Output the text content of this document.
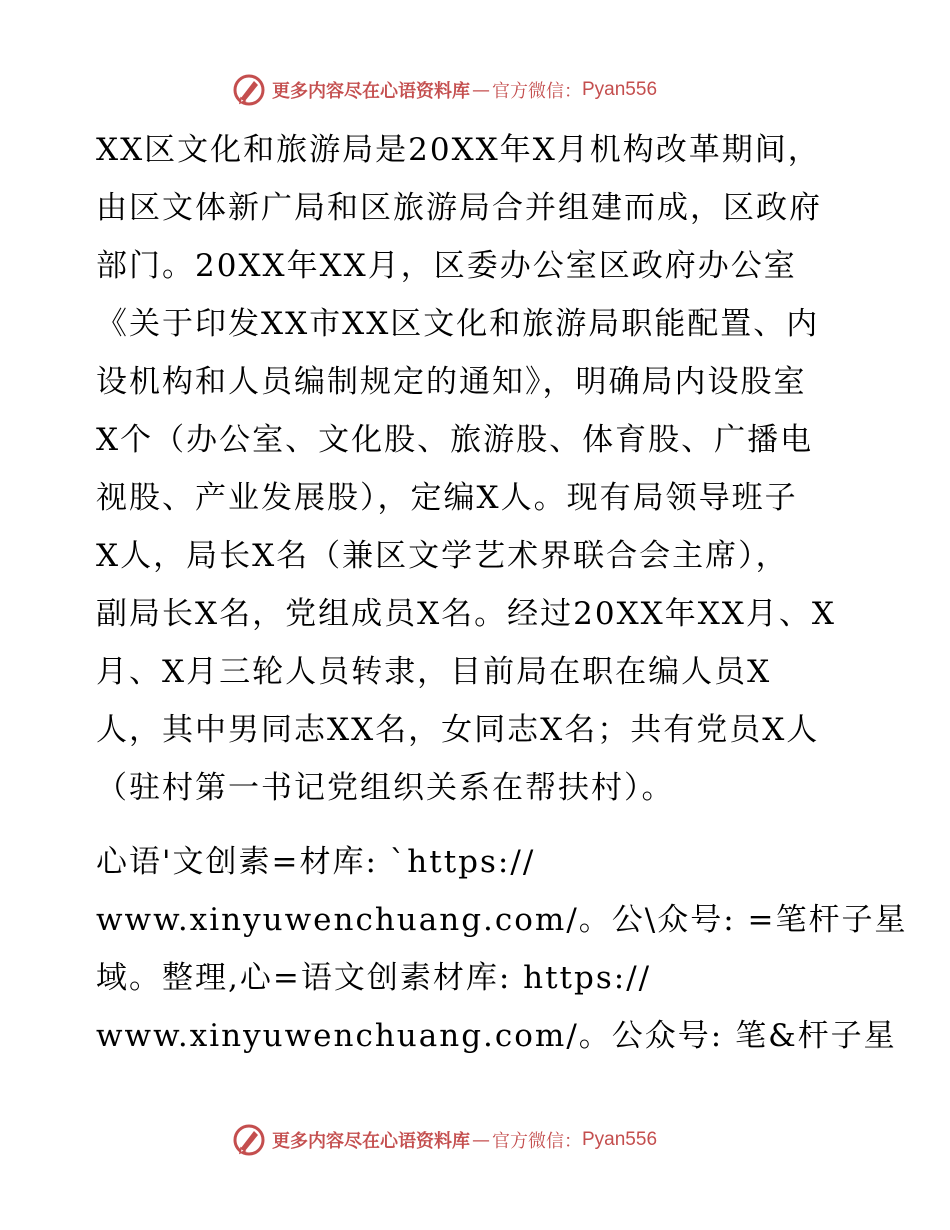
更多内容尽在心语资料库 — 官方微信： Pyan556

XX区文化和旅游局是20XX年X月机构改革期间，

由区文体新广局和区旅游局合并组建而成，区政府

部门。20XX年XX月，区委办公室区政府办公室

《关于印发XX市XX区文化和旅游局职能配置、内

设机构和人员编制规定的通知》，明确局内设股室

X个（办公室、文化股、旅游股、体育股、广播电

视股、产业发展股），定编X人。现有局领导班子

X人，局长X名（兼区文学艺术界联合会主席），

副局长X名，党组成员X名。经过20XX年XX月、X

月、X月三轮人员转隶，目前局在职在编人员X

人，其中男同志XX名，女同志X名；共有党员X人

（驻村第一书记党组织关系在帮扶村）。

心语'文创素=材库: `https://

www.xinyuwenchuang.com/。公\众号: =笔杆子星

域。整理,心=语文创素材库: https://

www.xinyuwenchuang.com/。公众号: 笔&杆子星

更多内容尽在心语资料库 — 官方微信： Pyan556
